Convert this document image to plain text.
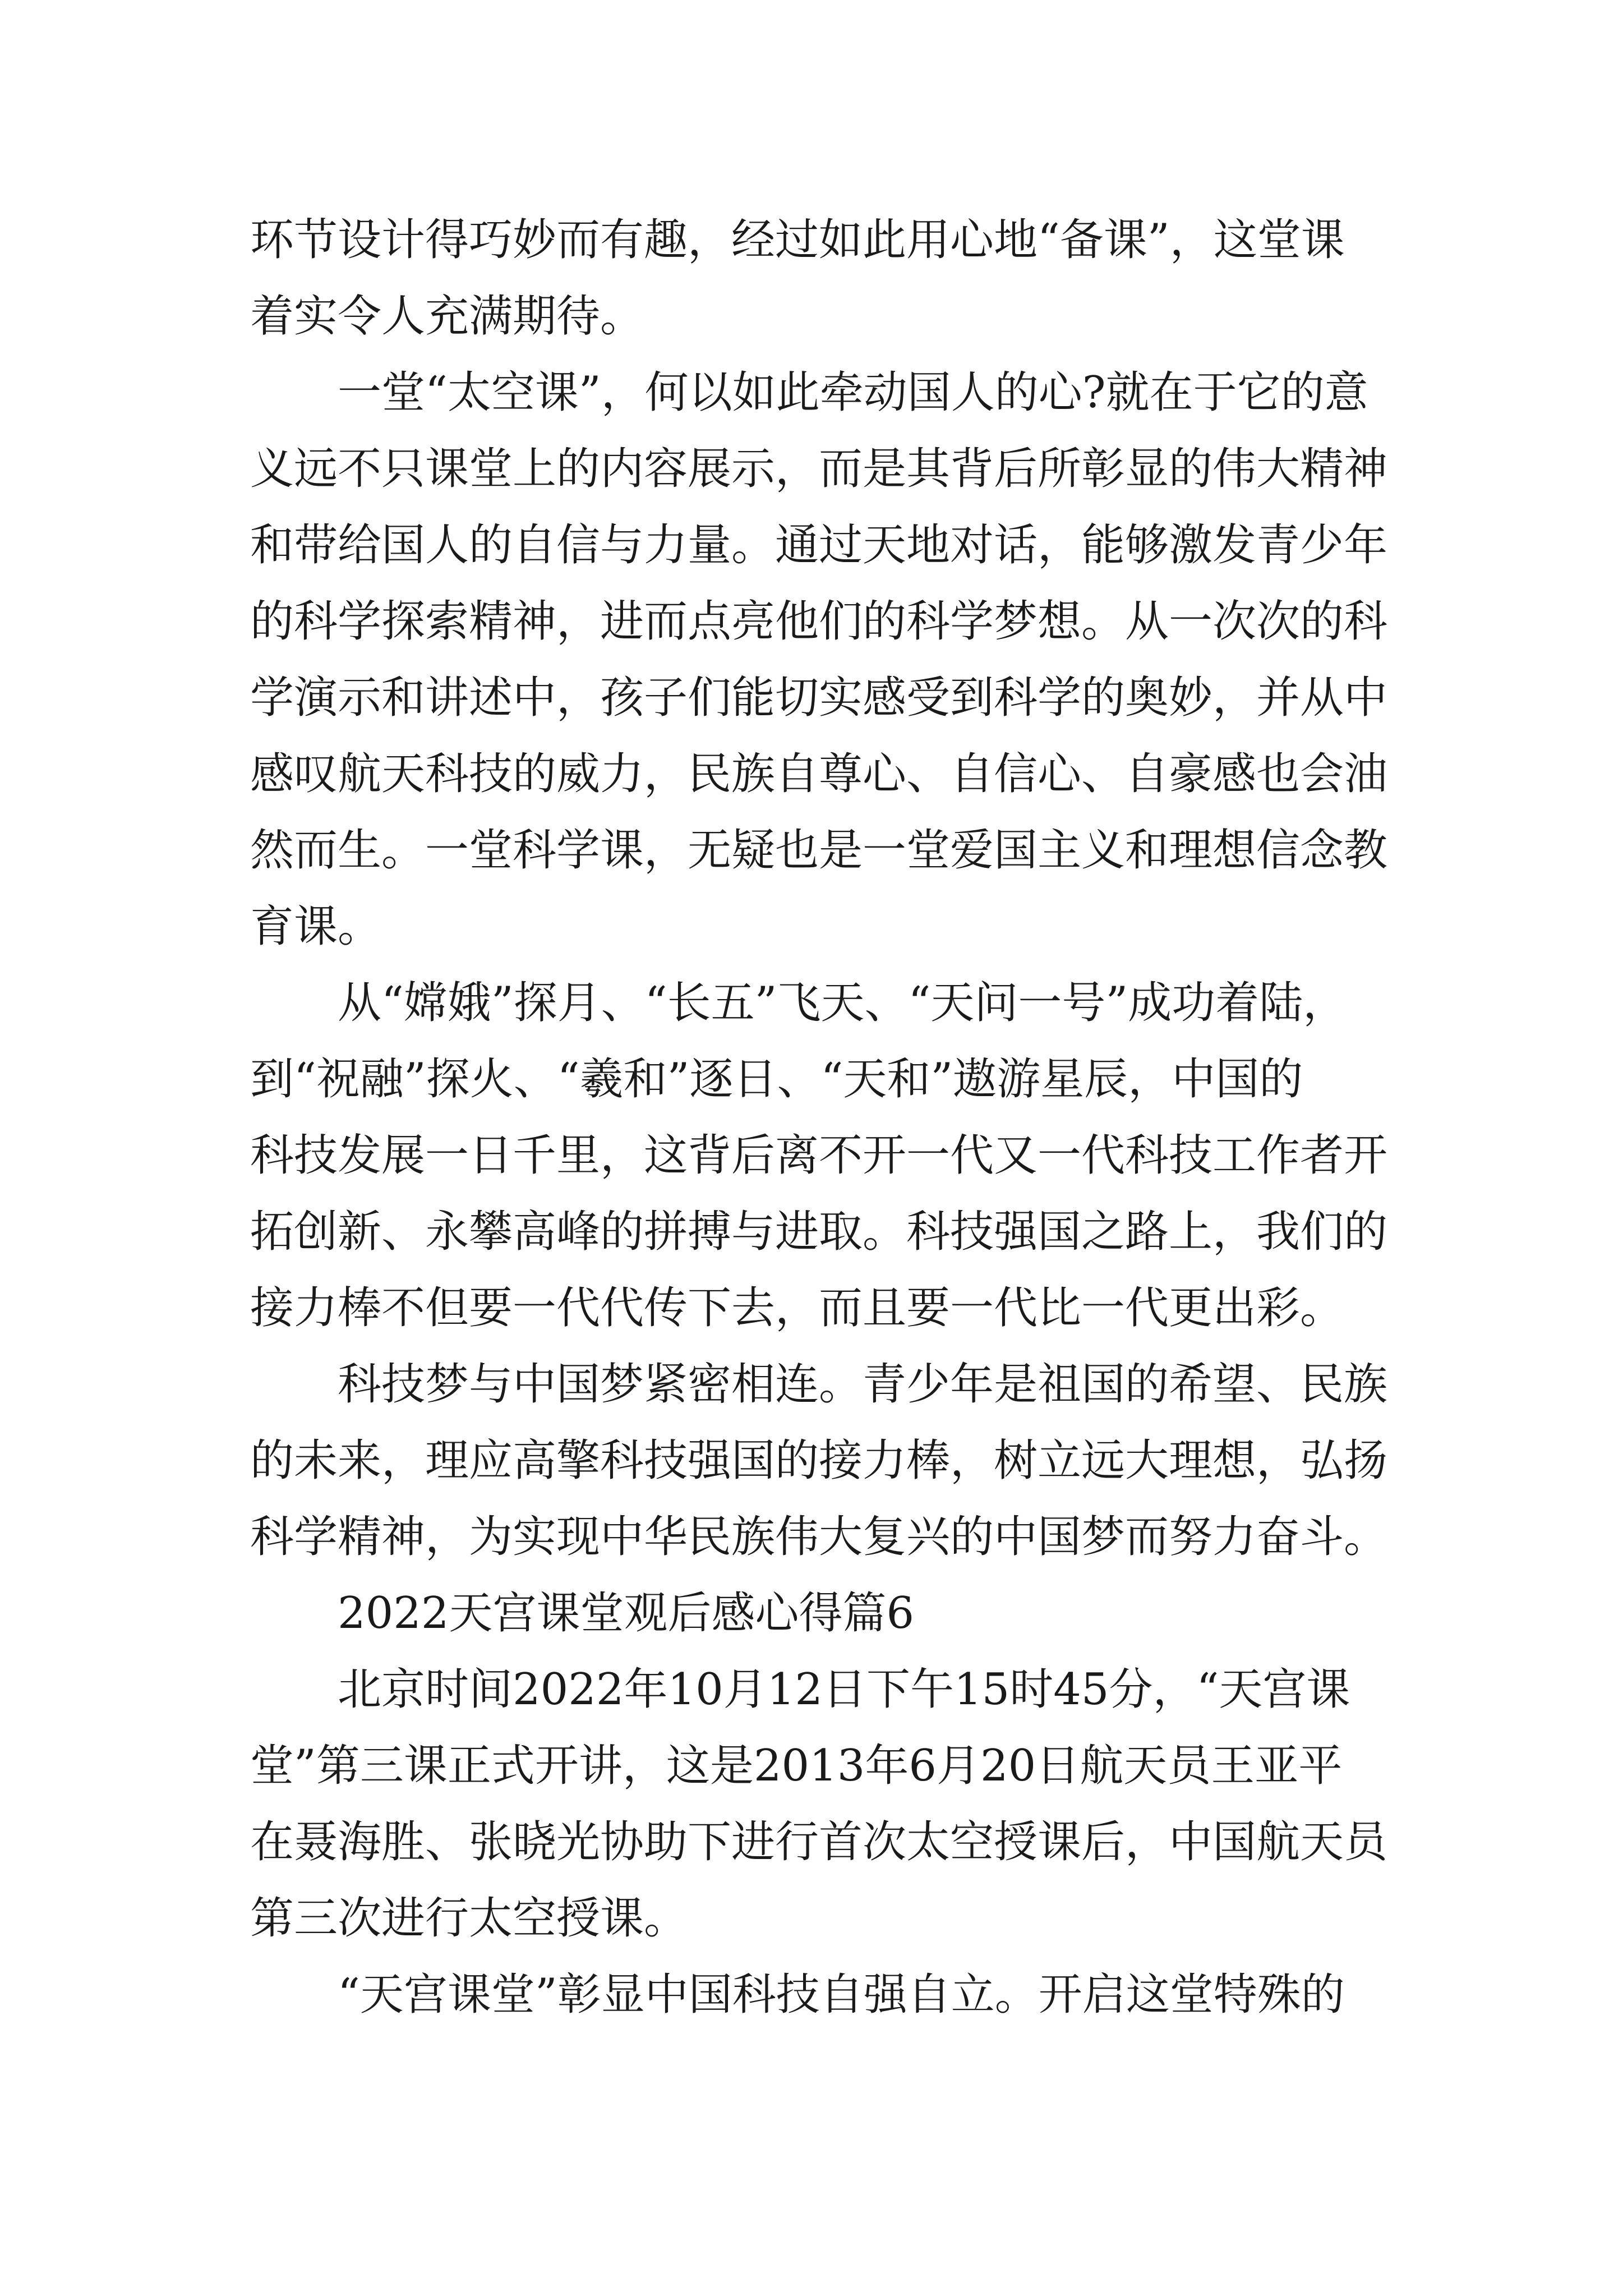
环节设计得巧妙而有趣，经过如此用心地“备课”，这堂课
着实令人充满期待。
一堂“太空课”，何以如此牵动国人的心?就在于它的意
义远不只课堂上的内容展示，而是其背后所彰显的伟大精神
和带给国人的自信与力量。通过天地对话，能够激发青少年
的科学探索精神，进而点亮他们的科学梦想。从一次次的科
学演示和讲述中，孩子们能切实感受到科学的奥妙，并从中
感叹航天科技的威力，民族自尊心、自信心、自豪感也会油
然而生。一堂科学课，无疑也是一堂爱国主义和理想信念教
育课。
从“嫦娥”探月、“长五”飞天、“天问一号”成功着陆，
到“祝融”探火、“羲和”逐日、“天和”遨游星辰，中国的
科技发展一日千里，这背后离不开一代又一代科技工作者开
拓创新、永攀高峰的拼搏与进取。科技强国之路上，我们的
接力棒不但要一代代传下去，而且要一代比一代更出彩。
科技梦与中国梦紧密相连。青少年是祖国的希望、民族
的未来，理应高擎科技强国的接力棒，树立远大理想，弘扬
科学精神，为实现中华民族伟大复兴的中国梦而努力奋斗。
2022天宫课堂观后感心得篇6
北京时间2022年10月12日下午15时45分，“天宫课
堂”第三课正式开讲，这是2013年6月20日航天员王亚平
在聂海胜、张晓光协助下进行首次太空授课后，中国航天员
第三次进行太空授课。
“天宫课堂”彰显中国科技自强自立。开启这堂特殊的
